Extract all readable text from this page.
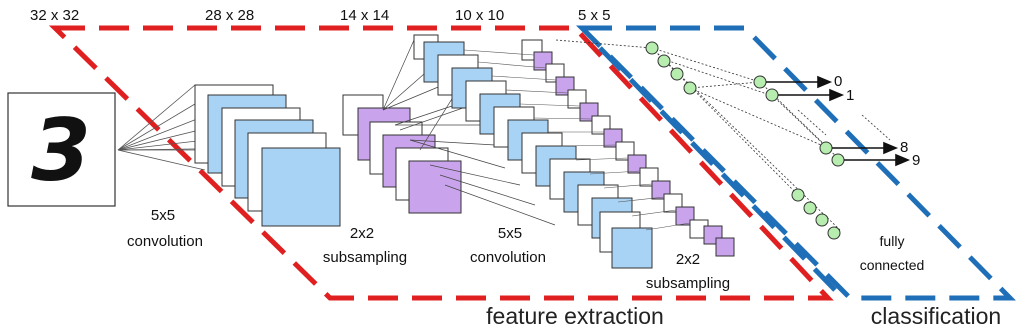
32 x 32	28 x 28	14 x 14	10 x 10	5 x 5
3
0
1
8
9
5x5
convolution	2x2
subsampling
5x5
convolution	2x2
subsampling
fully
connected
feature extraction	classification
